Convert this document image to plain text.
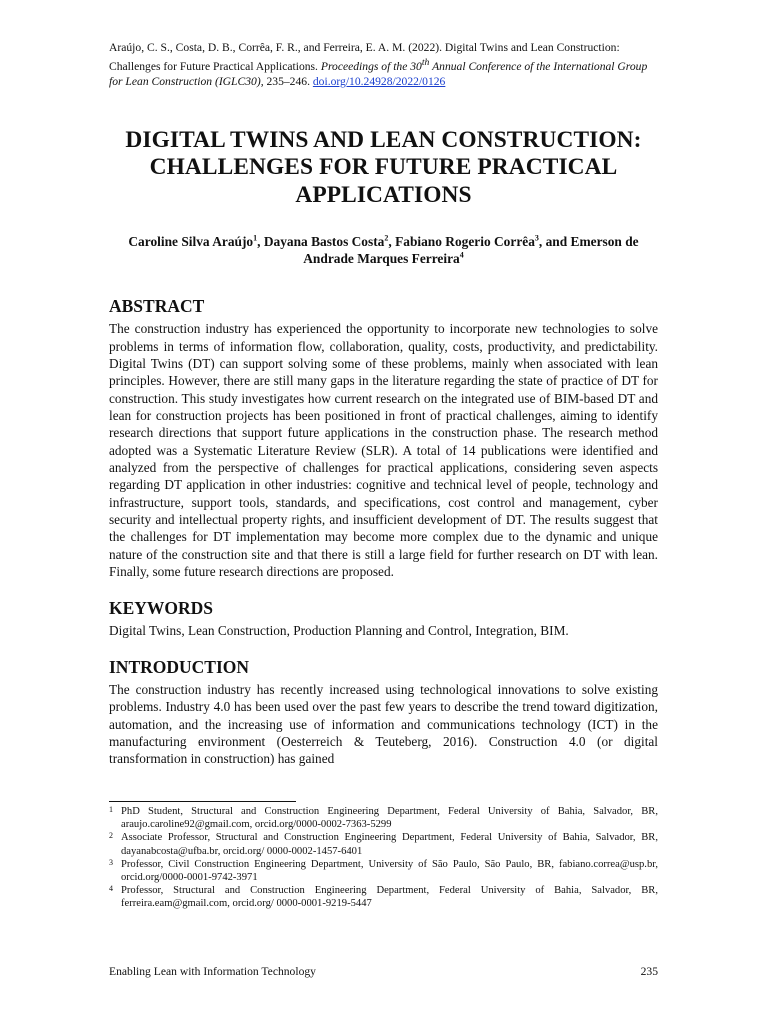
Araújo, C. S., Costa, D. B., Corrêa, F. R., and Ferreira, E. A. M. (2022). Digital Twins and Lean Construction: Challenges for Future Practical Applications. Proceedings of the 30th Annual Conference of the International Group for Lean Construction (IGLC30), 235–246. doi.org/10.24928/2022/0126

DIGITAL TWINS AND LEAN CONSTRUCTION: CHALLENGES FOR FUTURE PRACTICAL APPLICATIONS

Caroline Silva Araújo$^1$, Dayana Bastos Costa$^2$, Fabiano Rogerio Corrêa$^3$, and Emerson de Andrade Marques Ferreira$^4$

ABSTRACT

The construction industry has experienced the opportunity to incorporate new technologies to solve problems in terms of information flow, collaboration, quality, costs, productivity, and predictability. Digital Twins (DT) can support solving some of these problems, mainly when associated with lean principles. However, there are still many gaps in the literature regarding the state of practice of DT for construction. This study investigates how current research on the integrated use of BIM-based DT and lean for construction projects has been positioned in front of practical challenges, aiming to identify research directions that support future applications in the construction phase. The research method adopted was a Systematic Literature Review (SLR). A total of 14 publications were identified and analyzed from the perspective of challenges for practical applications, considering seven aspects regarding DT application in other industries: cognitive and technical level of people, technology and infrastructure, support tools, standards, and specifications, cost control and management, cyber security and intellectual property rights, and insufficient development of DT. The results suggest that the challenges for DT implementation may become more complex due to the dynamic and unique nature of the construction site and that there is still a large field for further research on DT with lean. Finally, some future research directions are proposed.

KEYWORDS

Digital Twins, Lean Construction, Production Planning and Control, Integration, BIM.

INTRODUCTION

The construction industry has recently increased using technological innovations to solve existing problems. Industry 4.0 has been used over the past few years to describe the trend toward digitization, automation, and the increasing use of information and communications technology (ICT) in the manufacturing environment (Oesterreich & Teuteberg, 2016). Construction 4.0 (or digital transformation in construction) has gained

1 PhD Student, Structural and Construction Engineering Department, Federal University of Bahia, Salvador, BR, araujo.caroline92@gmail.com, orcid.org/0000-0002-7363-5299

2 Associate Professor, Structural and Construction Engineering Department, Federal University of Bahia, Salvador, BR, dayanabcosta@ufba.br, orcid.org/ 0000-0002-1457-6401

3 Professor, Civil Construction Engineering Department, University of São Paulo, São Paulo, BR, fabiano.correa@usp.br, orcid.org/0000-0001-9742-3971

4 Professor, Structural and Construction Engineering Department, Federal University of Bahia, Salvador, BR, ferreira.eam@gmail.com, orcid.org/ 0000-0001-9219-5447

Enabling Lean with Information Technology	235
